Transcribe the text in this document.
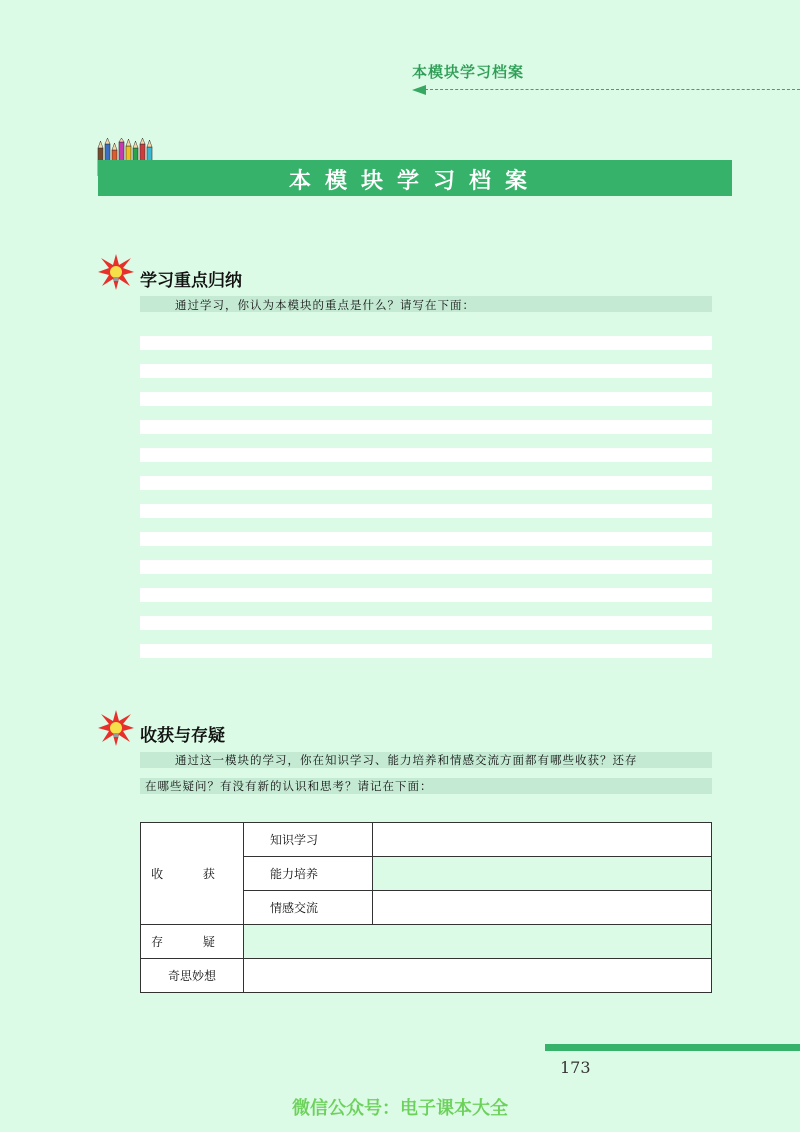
本模块学习档案
本模块学习档案
学习重点归纳
通过学习，你认为本模块的重点是什么？请写在下面：
收获与存疑
通过这一模块的学习，你在知识学习、能力培养和情感交流方面都有哪些收获？还存
在哪些疑问？有没有新的认识和思考？请记在下面：
收 获	知识学习	
	能力培养	
	情感交流	
存 疑		
奇思妙想		
173
微信公众号：电子课本大全
